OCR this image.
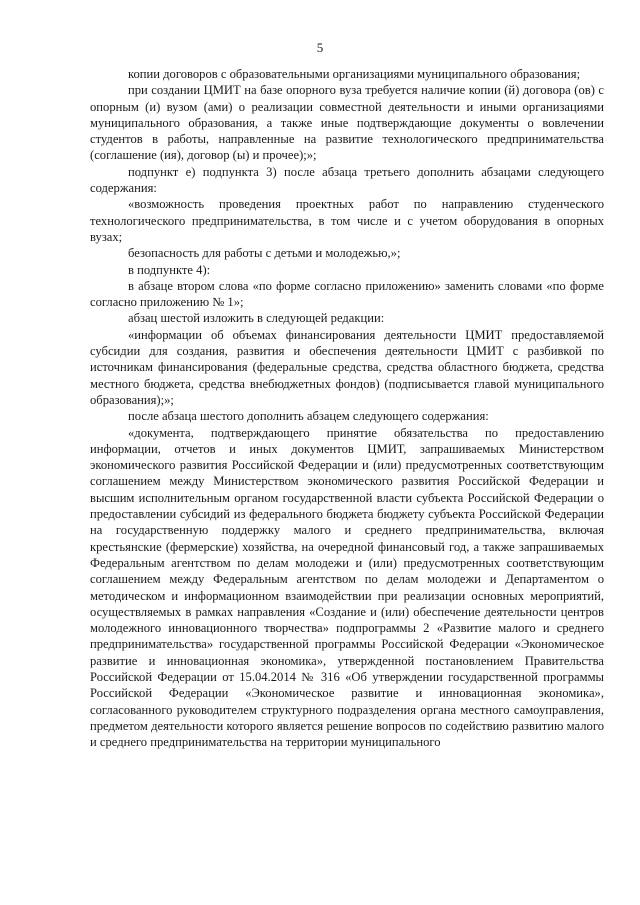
5

копии договоров с образовательными организациями муниципального образования;

при создании ЦМИТ на базе опорного вуза требуется наличие копии (й) договора (ов) с опорным (и) вузом (ами) о реализации совместной деятельности и иными организациями муниципального образования, а также иные подтверждающие документы о вовлечении студентов в работы, направленные на развитие технологического предпринимательства (соглашение (ия), договор (ы) и прочее);»;

подпункт е) подпункта 3) после абзаца третьего дополнить абзацами следующего содержания:

«возможность проведения проектных работ по направлению студенческого технологического предпринимательства, в том числе и с учетом оборудования в опорных вузах;

безопасность для работы с детьми и молодежью,»;

в подпункте 4):

в абзаце втором слова «по форме согласно приложению» заменить словами «по форме согласно приложению № 1»;

абзац шестой изложить в следующей редакции:

«информации об объемах финансирования деятельности ЦМИТ предоставляемой субсидии для создания, развития и обеспечения деятельности ЦМИТ с разбивкой по источникам финансирования (федеральные средства, средства областного бюджета, средства местного бюджета, средства внебюджетных фондов) (подписывается главой муниципального образования);»;

после абзаца шестого дополнить абзацем следующего содержания:

«документа, подтверждающего принятие обязательства по предоставлению информации, отчетов и иных документов ЦМИТ, запрашиваемых Министерством экономического развития Российской Федерации и (или) предусмотренных соответствующим соглашением между Министерством экономического развития Российской Федерации и высшим исполнительным органом государственной власти субъекта Российской Федерации о предоставлении субсидий из федерального бюджета бюджету субъекта Российской Федерации на государственную поддержку малого и среднего предпринимательства, включая крестьянские (фермерские) хозяйства, на очередной финансовый год, а также запрашиваемых Федеральным агентством по делам молодежи и (или) предусмотренных соответствующим соглашением между Федеральным агентством по делам молодежи и Департаментом о методическом и информационном взаимодействии при реализации основных мероприятий, осуществляемых в рамках направления «Создание и (или) обеспечение деятельности центров молодежного инновационного творчества» подпрограммы 2 «Развитие малого и среднего предпринимательства» государственной программы Российской Федерации «Экономическое развитие и инновационная экономика», утвержденной постановлением Правительства Российской Федерации от 15.04.2014 № 316 «Об утверждении государственной программы Российской Федерации «Экономическое развитие и инновационная экономика», согласованного руководителем структурного подразделения органа местного самоуправления, предметом деятельности которого является решение вопросов по содействию развитию малого и среднего предпринимательства на территории муниципального
